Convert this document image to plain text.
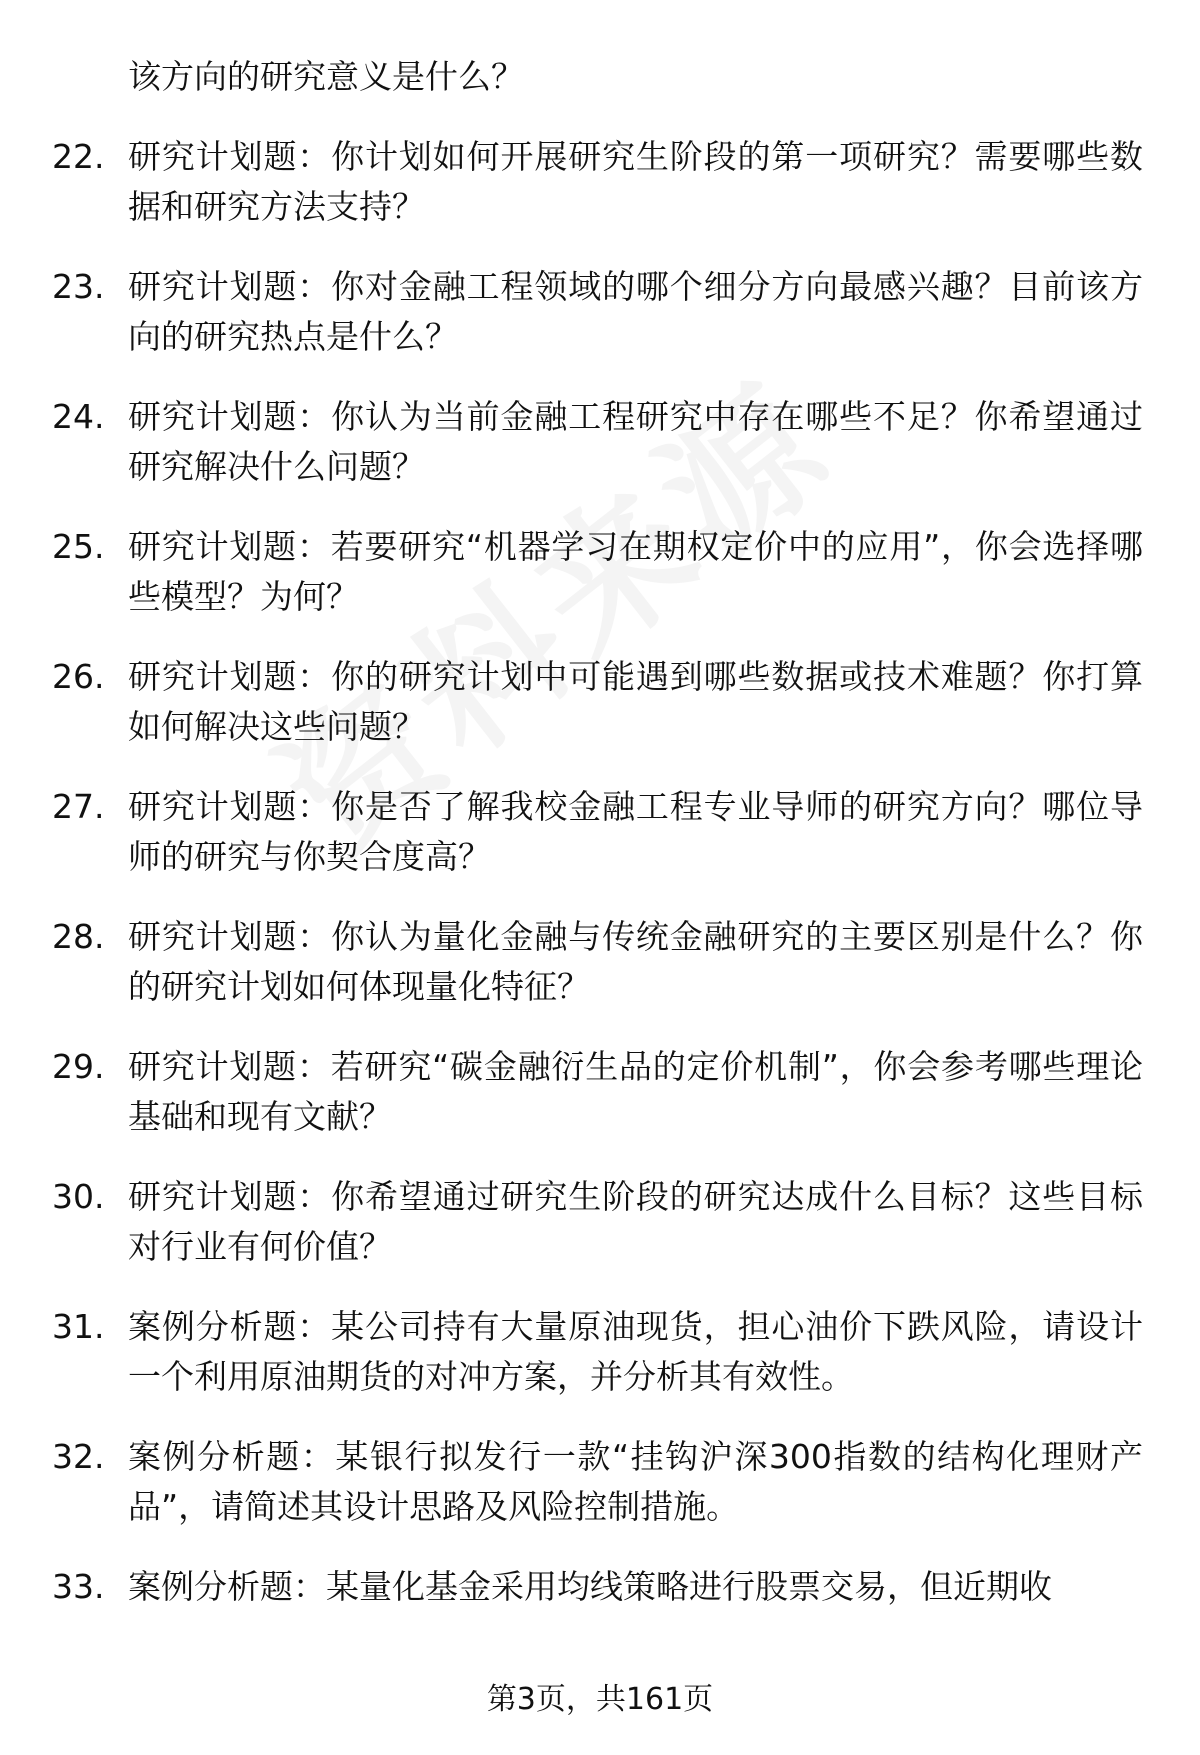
该方向的研究意义是什么？
22. 研究计划题：你计划如何开展研究生阶段的第一项研究？需要哪些数据和研究方法支持？
23. 研究计划题：你对金融工程领域的哪个细分方向最感兴趣？目前该方向的研究热点是什么？
24. 研究计划题：你认为当前金融工程研究中存在哪些不足？你希望通过研究解决什么问题？
25. 研究计划题：若要研究“机器学习在期权定价中的应用”，你会选择哪些模型？为何？
26. 研究计划题：你的研究计划中可能遇到哪些数据或技术难题？你打算如何解决这些问题？
27. 研究计划题：你是否了解我校金融工程专业导师的研究方向？哪位导师的研究与你契合度高？
28. 研究计划题：你认为量化金融与传统金融研究的主要区别是什么？你的研究计划如何体现量化特征？
29. 研究计划题：若研究“碳金融衍生品的定价机制”，你会参考哪些理论基础和现有文献？
30. 研究计划题：你希望通过研究生阶段的研究达成什么目标？这些目标对行业有何价值？
31. 案例分析题：某公司持有大量原油现货，担心油价下跌风险，请设计一个利用原油期货的对冲方案，并分析其有效性。
32. 案例分析题：某银行拟发行一款“挂钩沪深300指数的结构化理财产品”，请简述其设计思路及风险控制措施。
33. 案例分析题：某量化基金采用均线策略进行股票交易，但近期收
第3页，共161页
